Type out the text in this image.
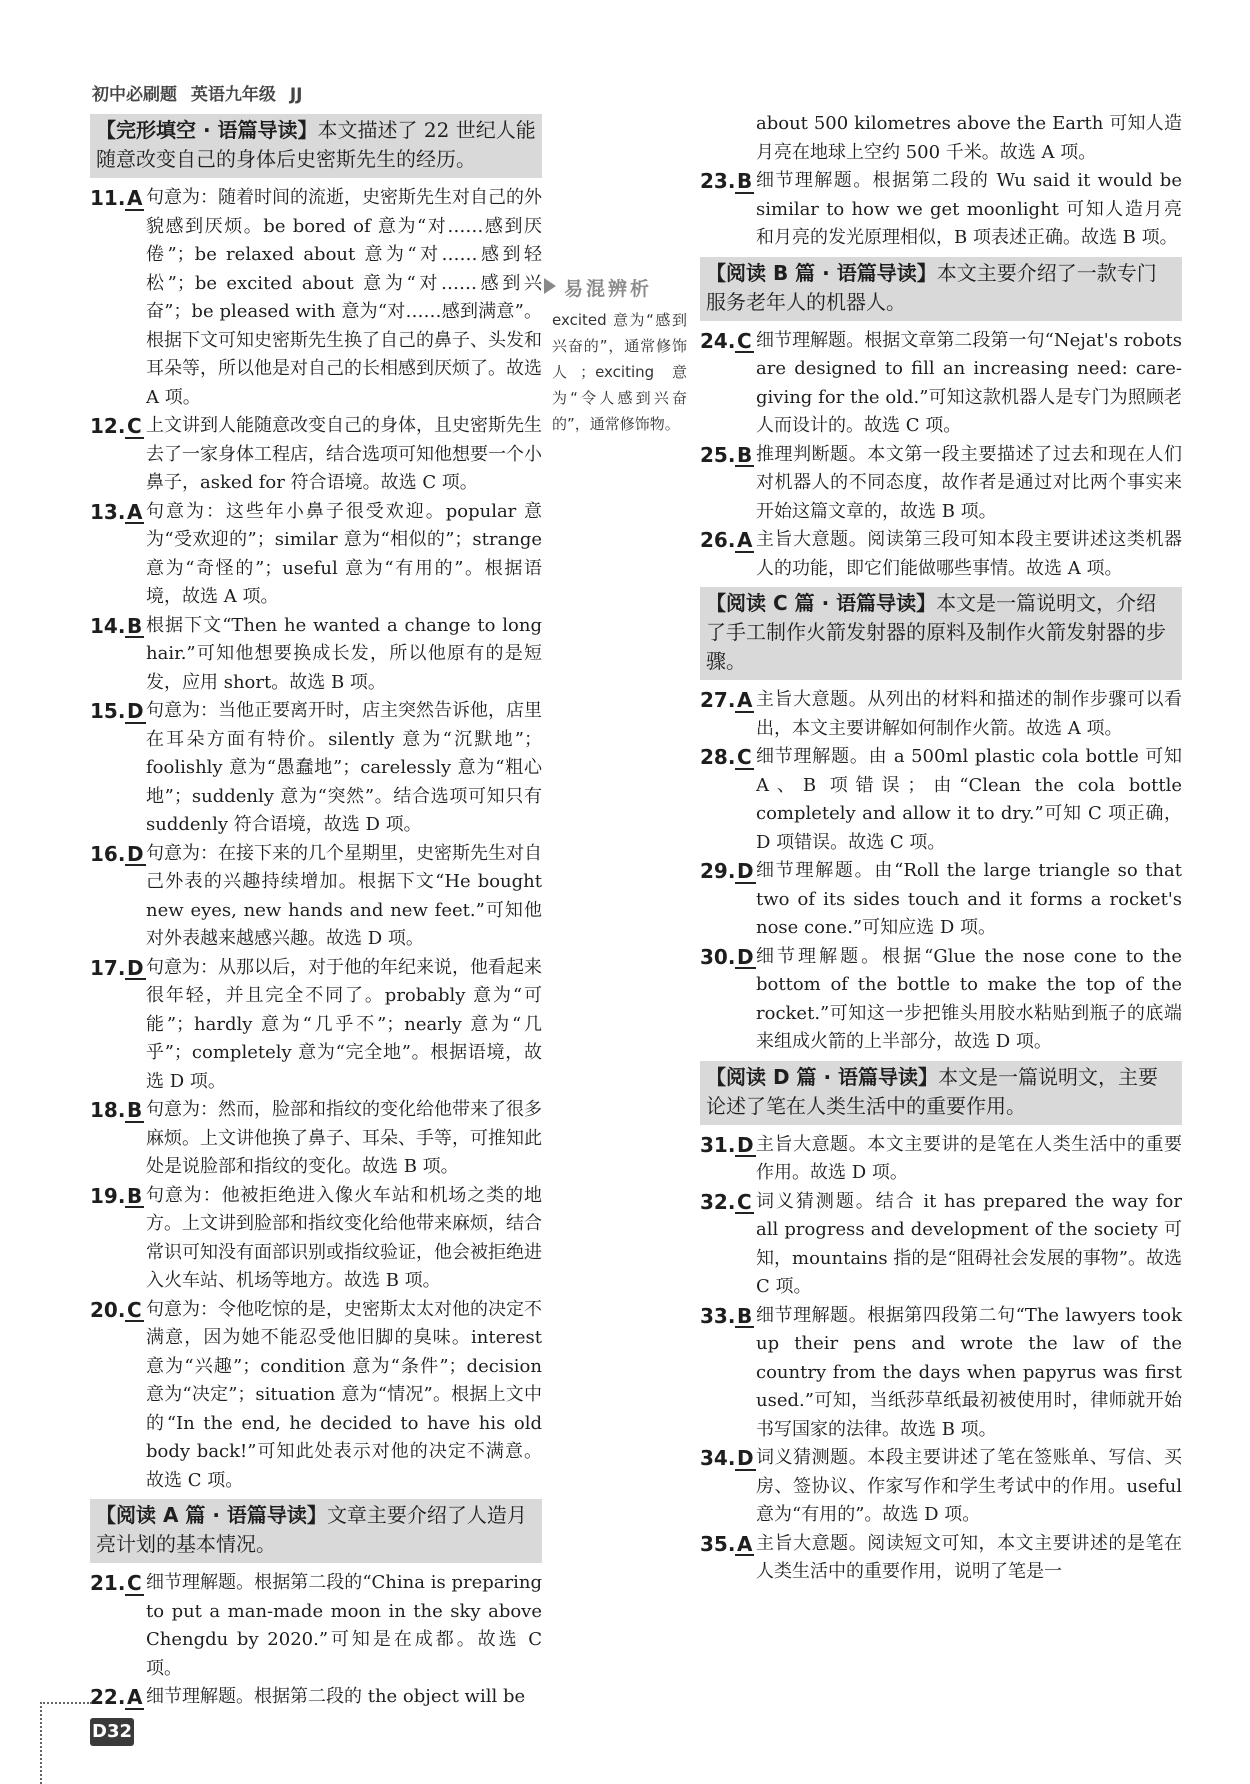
初中必刷题 英语九年级 JJ
【完形填空 · 语篇导读】本文描述了 22 世纪人能随意改变自己的身体后史密斯先生的经历。
11. A 句意为：随着时间的流逝，史密斯先生对自己的外貌感到厌烦。be bored of 意为“对……感到厌倦”；be relaxed about 意为“对……感到轻松”；be excited about 意为“对……感到兴奋”；be pleased with 意为“对……感到满意”。根据下文可知史密斯先生换了自己的鼻子、头发和耳朵等，所以他是对自己的长相感到厌烦了。故选 A 项。
12. C 上文讲到人能随意改变自己的身体，且史密斯先生去了一家身体工程店，结合选项可知他想要一个小鼻子，asked for 符合语境。故选 C 项。
13. A 句意为：这些年小鼻子很受欢迎。popular 意为“受欢迎的”；similar 意为“相似的”；strange 意为“奇怪的”；useful 意为“有用的”。根据语境，故选 A 项。
14. B 根据下文“Then he wanted a change to long hair.”可知他想要换成长发，所以他原有的是短发，应用 short。故选 B 项。
15. D 句意为：当他正要离开时，店主突然告诉他，店里在耳朵方面有特价。silently 意为“沉默地”；foolishly 意为“愚蠢地”；carelessly 意为“粗心地”；suddenly 意为“突然”。结合选项可知只有 suddenly 符合语境，故选 D 项。
16. D 句意为：在接下来的几个星期里，史密斯先生对自己外表的兴趣持续增加。根据下文“He bought new eyes, new hands and new feet.”可知他对外表越来越感兴趣。故选 D 项。
17. D 句意为：从那以后，对于他的年纪来说，他看起来很年轻，并且完全不同了。probably 意为“可能”；hardly 意为“几乎不”；nearly 意为“几乎”；completely 意为“完全地”。根据语境，故选 D 项。
18. B 句意为：然而，脸部和指纹的变化给他带来了很多麻烦。上文讲他换了鼻子、耳朵、手等，可推知此处是说脸部和指纹的变化。故选 B 项。
19. B 句意为：他被拒绝进入像火车站和机场之类的地方。上文讲到脸部和指纹变化给他带来麻烦，结合常识可知没有面部识别或指纹验证，他会被拒绝进入火车站、机场等地方。故选 B 项。
20. C 句意为：令他吃惊的是，史密斯太太对他的决定不满意，因为她不能忍受他旧脚的臭味。interest 意为“兴趣”；condition 意为“条件”；decision 意为“决定”；situation 意为“情况”。根据上文中的“In the end, he decided to have his old body back!”可知此处表示对他的决定不满意。故选 C 项。
【阅读 A 篇 · 语篇导读】文章主要介绍了人造月亮计划的基本情况。
21. C 细节理解题。根据第二段的“China is preparing to put a man-made moon in the sky above Chengdu by 2020.”可知是在成都。故选 C 项。
22. A 细节理解题。根据第二段的 the object will be
about 500 kilometres above the Earth 可知人造月亮在地球上空约 500 千米。故选 A 项。
23. B 细节理解题。根据第二段的 Wu said it would be similar to how we get moonlight 可知人造月亮和月亮的发光原理相似，B 项表述正确。故选 B 项。
【阅读 B 篇 · 语篇导读】本文主要介绍了一款专门服务老年人的机器人。
24. C 细节理解题。根据文章第二段第一句“Nejat's robots are designed to fill an increasing need: care-giving for the old.”可知这款机器人是专门为照顾老人而设计的。故选 C 项。
25. B 推理判断题。本文第一段主要描述了过去和现在人们对机器人的不同态度，故作者是通过对比两个事实来开始这篇文章的，故选 B 项。
26. A 主旨大意题。阅读第三段可知本段主要讲述这类机器人的功能，即它们能做哪些事情。故选 A 项。
【阅读 C 篇 · 语篇导读】本文是一篇说明文，介绍了手工制作火箭发射器的原料及制作火箭发射器的步骤。
27. A 主旨大意题。从列出的材料和描述的制作步骤可以看出，本文主要讲解如何制作火箭。故选 A 项。
28. C 细节理解题。由 a 500ml plastic cola bottle 可知 A、B 项错误；由“Clean the cola bottle completely and allow it to dry.”可知 C 项正确，D 项错误。故选 C 项。
29. D 细节理解题。由“Roll the large triangle so that two of its sides touch and it forms a rocket's nose cone.”可知应选 D 项。
30. D 细节理解题。根据“Glue the nose cone to the bottom of the bottle to make the top of the rocket.”可知这一步把锥头用胶水粘贴到瓶子的底端来组成火箭的上半部分，故选 D 项。
【阅读 D 篇 · 语篇导读】本文是一篇说明文，主要论述了笔在人类生活中的重要作用。
31. D 主旨大意题。本文主要讲的是笔在人类生活中的重要作用。故选 D 项。
32. C 词义猜测题。结合 it has prepared the way for all progress and development of the society 可知，mountains 指的是“阻碍社会发展的事物”。故选 C 项。
33. B 细节理解题。根据第四段第二句“The lawyers took up their pens and wrote the law of the country from the days when papyrus was first used.”可知，当纸莎草纸最初被使用时，律师就开始书写国家的法律。故选 B 项。
34. D 词义猜测题。本段主要讲述了笔在签账单、写信、买房、签协议、作家写作和学生考试中的作用。useful 意为“有用的”。故选 D 项。
35. A 主旨大意题。阅读短文可知，本文主要讲述的是笔在人类生活中的重要作用，说明了笔是一
易混辨析
excited 意为“感到兴奋的”，通常修饰人；exciting 意为“令人感到兴奋的”，通常修饰物。
D32
